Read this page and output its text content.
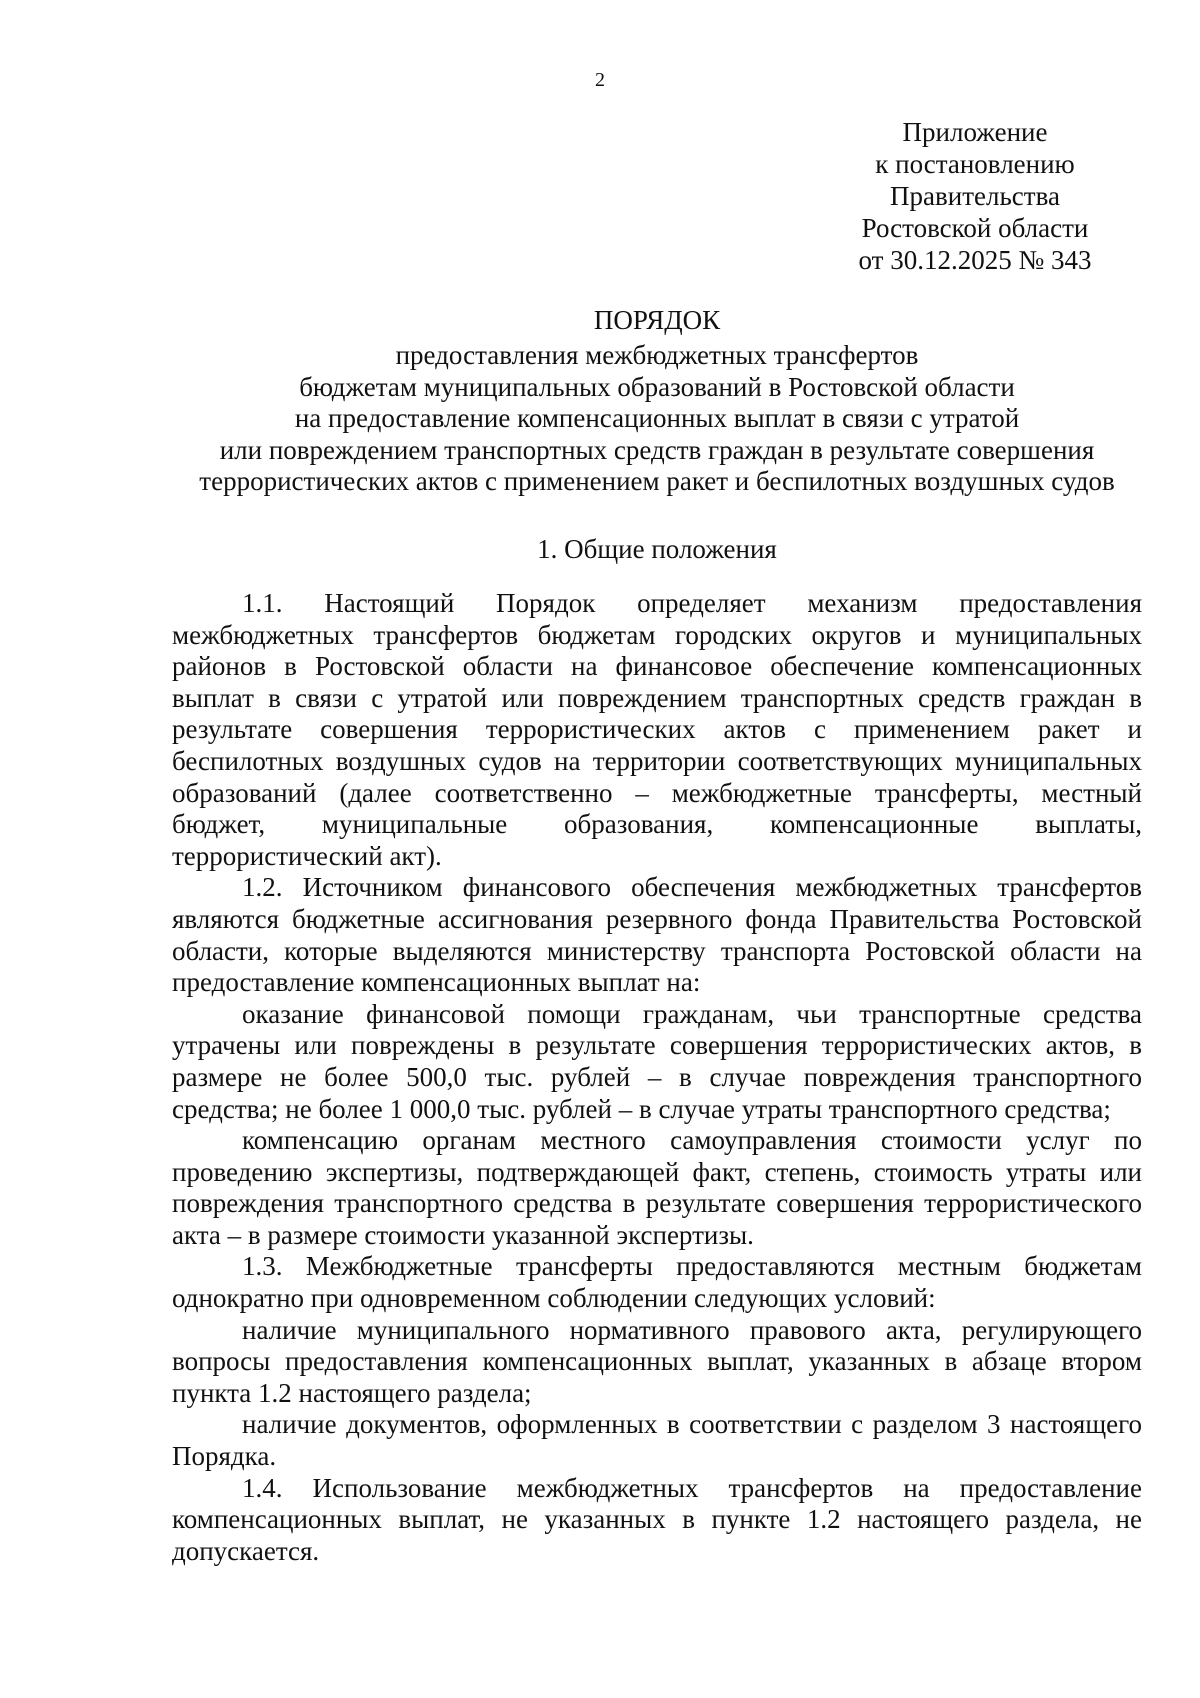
2
Приложение
к постановлению
Правительства
Ростовской области
от 30.12.2025 № 343
ПОРЯДОК
предоставления межбюджетных трансфертов
бюджетам муниципальных образований в Ростовской области
на предоставление компенсационных выплат в связи с утратой
или повреждением транспортных средств граждан в результате совершения
террористических актов с применением ракет и беспилотных воздушных судов
1. Общие положения

1.1. Настоящий Порядок определяет механизм предоставления межбюджетных трансфертов бюджетам городских округов и муниципальных районов в Ростовской области на финансовое обеспечение компенсационных выплат в связи с утратой или повреждением транспортных средств граждан в результате совершения террористических актов с применением ракет и беспилотных воздушных судов на территории соответствующих муниципальных образований (далее соответственно – межбюджетные трансферты, местный бюджет, муниципальные образования, компенсационные выплаты, террористический акт).

1.2. Источником финансового обеспечения межбюджетных трансфертов являются бюджетные ассигнования резервного фонда Правительства Ростовской области, которые выделяются министерству транспорта Ростовской области на предоставление компенсационных выплат на:

оказание финансовой помощи гражданам, чьи транспортные средства утрачены или повреждены в результате совершения террористических актов, в размере не более 500,0 тыс. рублей – в случае повреждения транспортного средства; не более 1 000,0 тыс. рублей – в случае утраты транспортного средства;

компенсацию органам местного самоуправления стоимости услуг по проведению экспертизы, подтверждающей факт, степень, стоимость утраты или повреждения транспортного средства в результате совершения террористического акта – в размере стоимости указанной экспертизы.

1.3. Межбюджетные трансферты предоставляются местным бюджетам однократно при одновременном соблюдении следующих условий:

наличие муниципального нормативного правового акта, регулирующего вопросы предоставления компенсационных выплат, указанных в абзаце втором пункта 1.2 настоящего раздела;

наличие документов, оформленных в соответствии с разделом 3 настоящего Порядка.

1.4. Использование межбюджетных трансфертов на предоставление компенсационных выплат, не указанных в пункте 1.2 настоящего раздела, не допускается.
